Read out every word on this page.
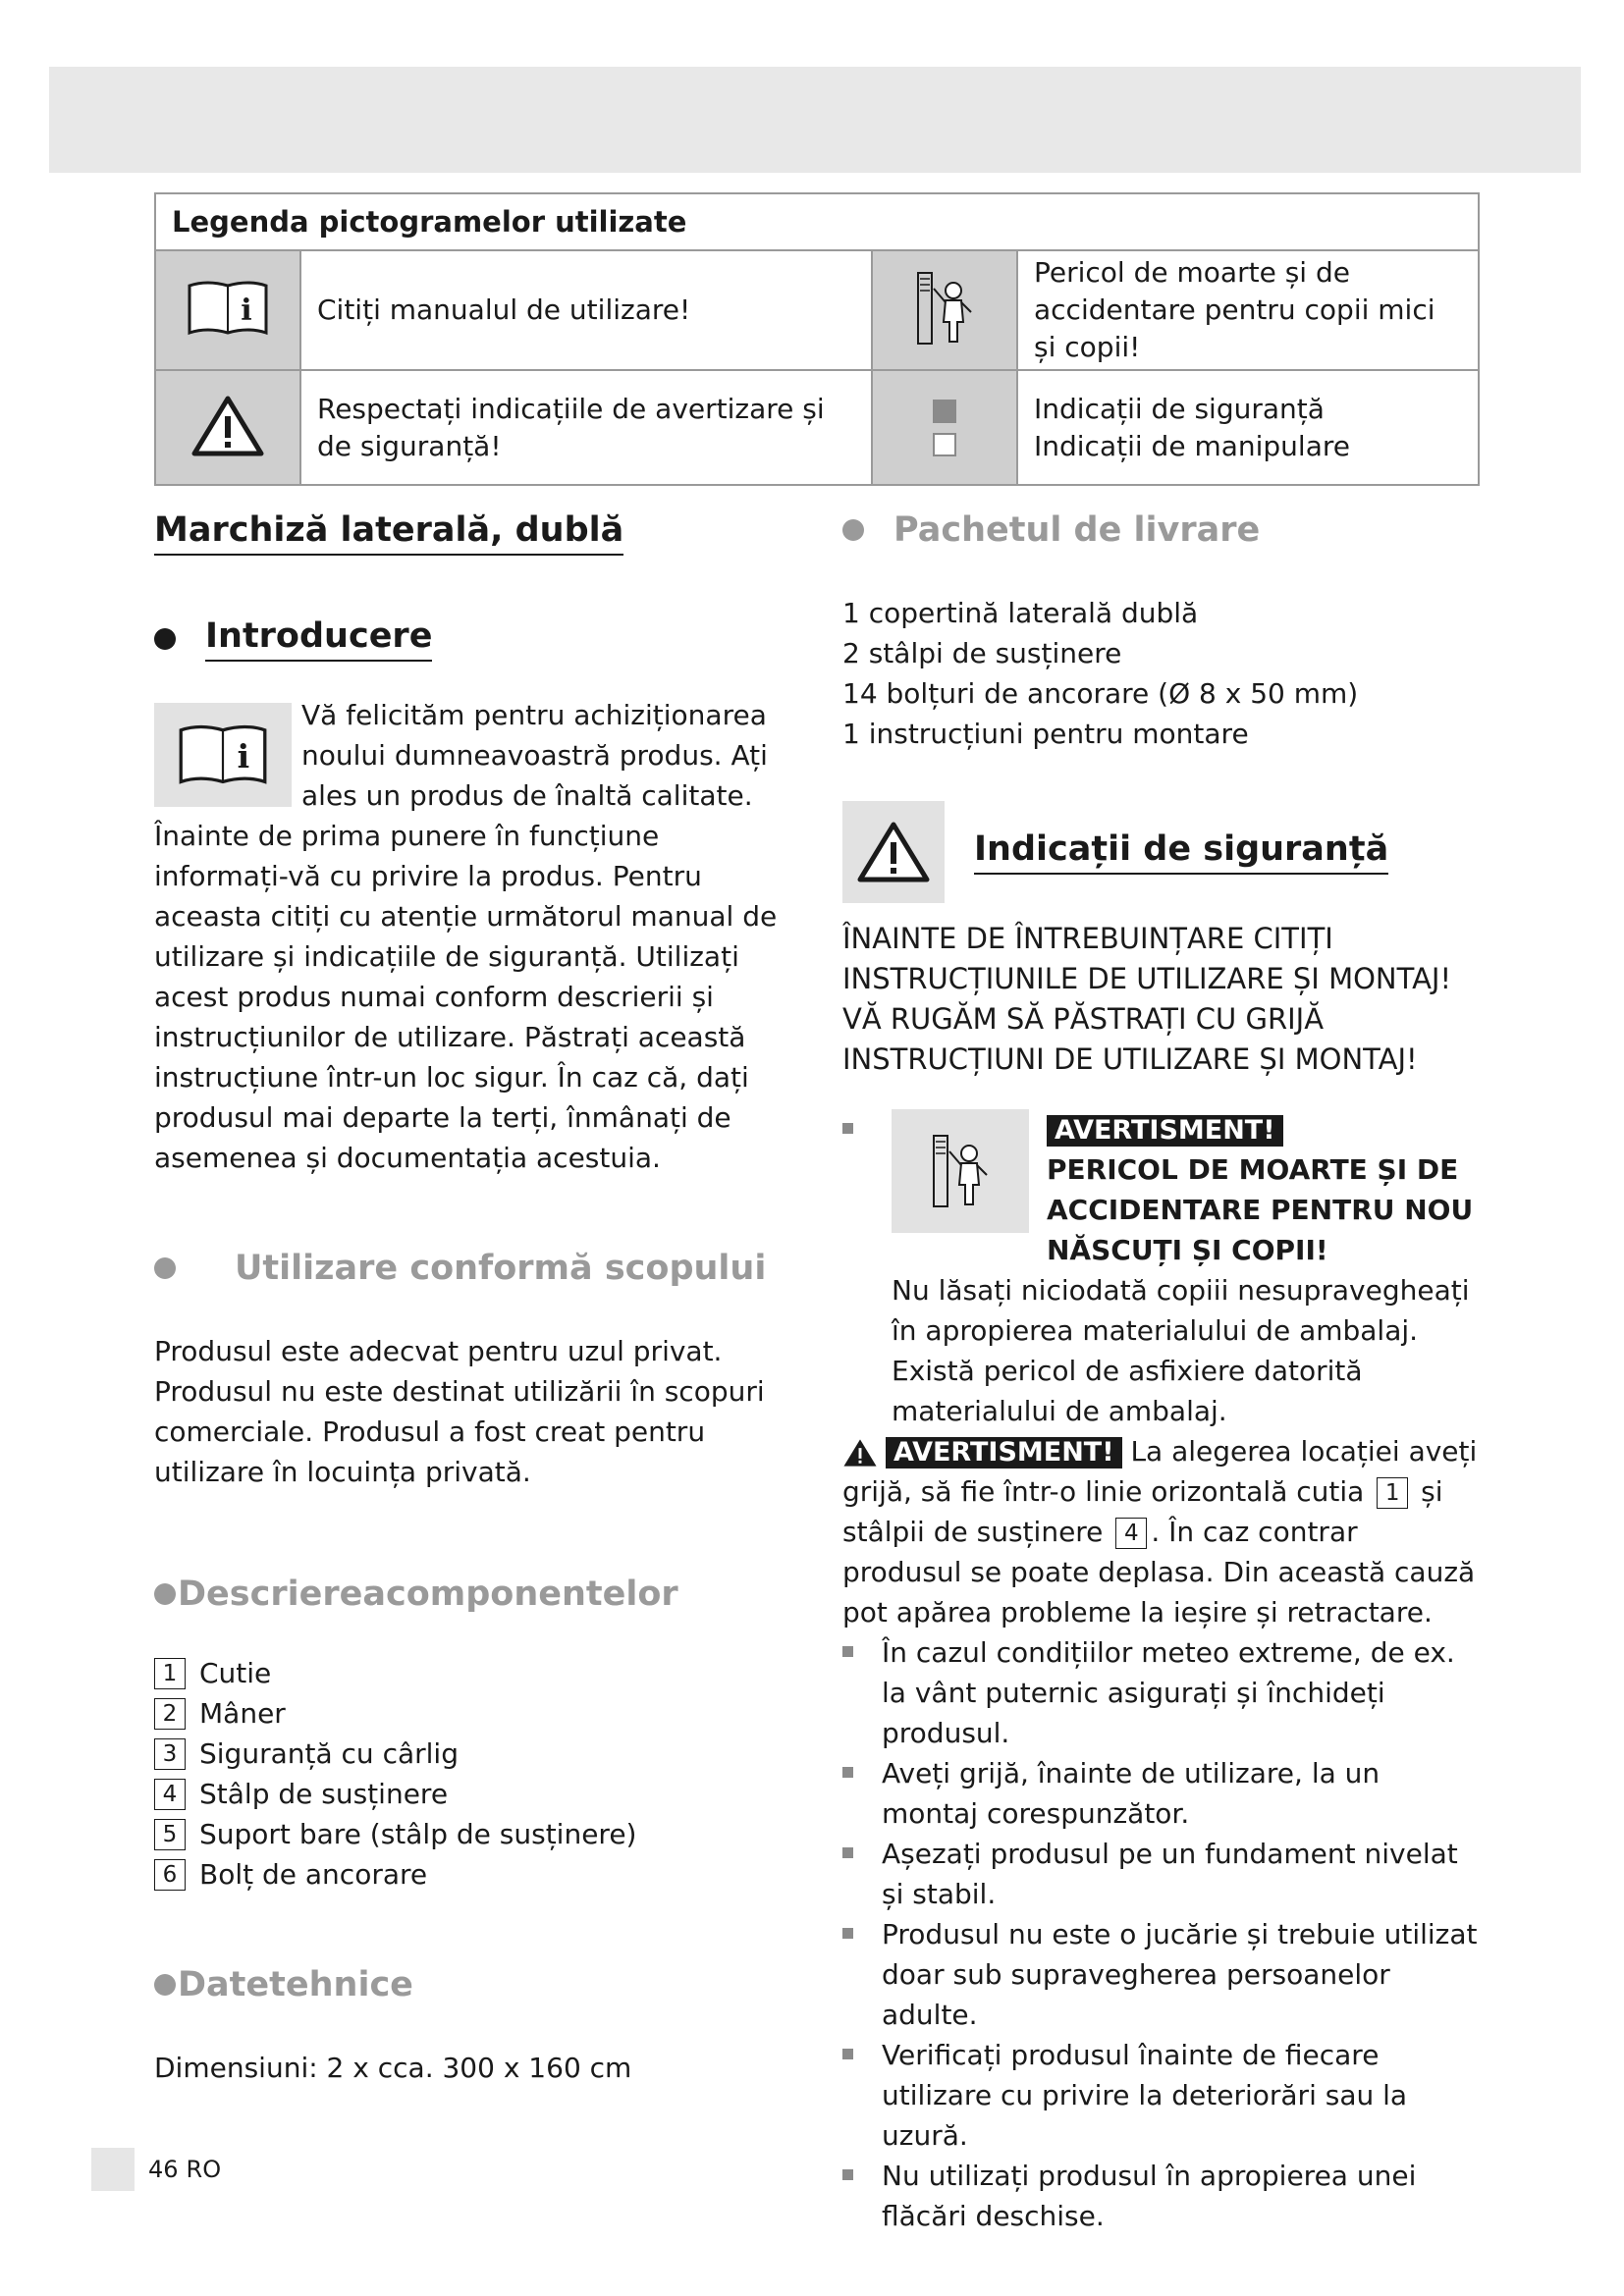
Legenda pictogramelor utilizate			

i	Citiți manualul de utilizare!		Pericol de moarte și de accidentare pentru copii mici și copii!
	Respectați indicațiile de avertizare și de siguranță!		Indicații de siguranță
Indicații de manipulare
Marchiză laterală, dublă
Introducere
i

Vă felicităm pentru achiziționarea noului dumneavoastră produs. Ați ales un produs de înaltă calitate. Înainte de prima punere în funcțiune informați-vă cu privire la produs. Pentru aceasta citiți cu atenție următorul manual de utilizare și indicațiile de siguranță. Utilizați acest produs numai conform descrierii și instrucțiunilor de utilizare. Păstrați această instrucțiune într-un loc sigur. În caz că, dați produsul mai departe la terți, înmânați de asemenea și documentația acestuia.

Utilizare conformă scopului

Produsul este adecvat pentru uzul privat. Produsul nu este destinat utilizării în scopuri comerciale. Produsul a fost creat pentru utilizare în locuința privată.

Descriereacomponentelor
1 Cutie
2 Mâner
3 Siguranță cu cârlig
4 Stâlp de susținere
5 Suport bare (stâlp de susținere)
6 Bolț de ancorare
Datetehnice

Dimensiuni: 2 x cca. 300 x 160 cm

Pachetul de livrare
1 copertină laterală dublă
2 stâlpi de susținere
14 bolțuri de ancorare (Ø 8 x 50 mm)
1 instrucțiuni pentru montare
Indicații de siguranță

ÎNAINTE DE ÎNTREBUINȚARE CITIȚI INSTRUCȚIUNILE DE UTILIZARE ȘI MONTAJ! VĂ RUGĂM SĂ PĂSTRAȚI CU GRIJĂ INSTRUCȚIUNI DE UTILIZARE ȘI MONTAJ!

AVERTISMENT!
PERICOL DE MOARTE ȘI DE ACCIDENTARE PENTRU NOU NĂSCUȚI ȘI COPII!

Nu lăsați niciodată copiii nesupravegheați în apropierea materialului de ambalaj. Există pericol de asfixiere datorită materialului de ambalaj.

AVERTISMENT! La alegerea locației aveți grijă, să fie într-o linie orizontală cutia 1 și stâlpii de susținere 4 . În caz contrar produsul se poate deplasa. Din această cauză pot apărea probleme la ieșire și retractare.

În cazul condițiilor meteo extreme, de ex. la vânt puternic asigurați și închideți produsul.
Aveți grijă, înainte de utilizare, la un montaj corespunzător.
Așezați produsul pe un fundament nivelat și stabil.
Produsul nu este o jucărie și trebuie utilizat doar sub supravegherea persoanelor adulte.
Verificați produsul înainte de fiecare utilizare cu privire la deteriorări sau la uzură.
Nu utilizați produsul în apropierea unei flăcări deschise.
46 RO
